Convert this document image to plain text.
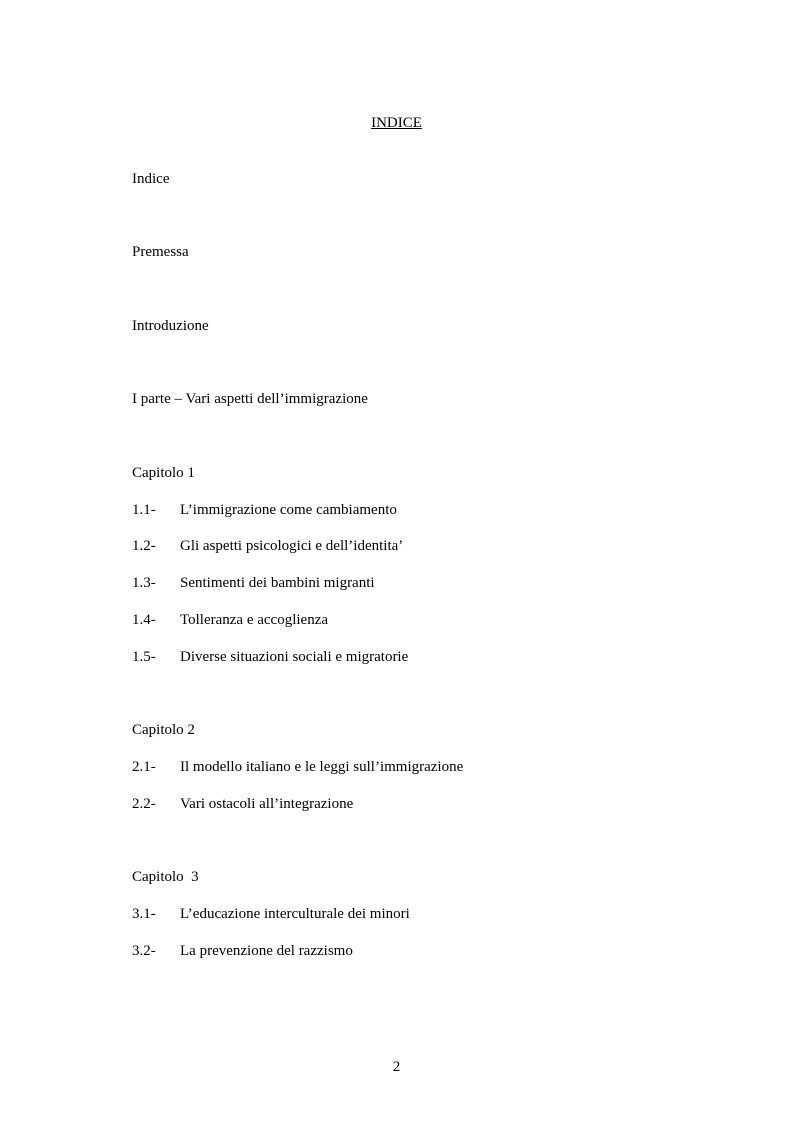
INDICE
Indice
Premessa
Introduzione
I parte – Vari aspetti dell’immigrazione
Capitolo 1
1.1- L’immigrazione come cambiamento
1.2- Gli aspetti psicologici e dell’identita’
1.3- Sentimenti dei bambini migranti
1.4- Tolleranza e accoglienza
1.5- Diverse situazioni sociali e migratorie
Capitolo 2
2.1- Il modello italiano e le leggi sull’immigrazione
2.2- Vari ostacoli all’integrazione
Capitolo  3
3.1- L’educazione interculturale dei minori
3.2- La prevenzione del razzismo
2
